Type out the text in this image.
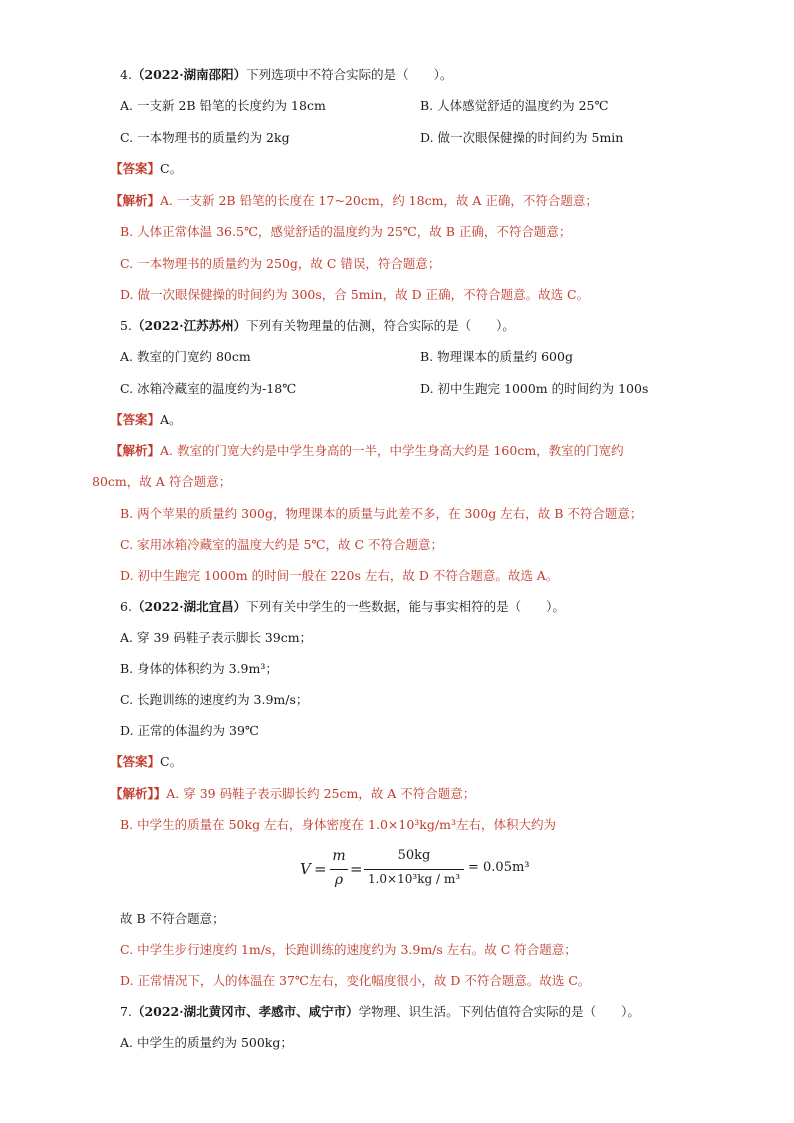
4.（2022·湖南邵阳）下列选项中不符合实际的是（　　）。
A. 一支新 2B 铅笔的长度约为 18cm	B. 人体感觉舒适的温度约为 25℃
C. 一本物理书的质量约为 2kg	D. 做一次眼保健操的时间约为 5min
【答案】C。
【解析】A. 一支新 2B 铅笔的长度在 17~20cm，约 18cm，故 A 正确，不符合题意；
B. 人体正常体温 36.5℃，感觉舒适的温度约为 25℃，故 B 正确，不符合题意；
C. 一本物理书的质量约为 250g，故 C 错误，符合题意；
D. 做一次眼保健操的时间约为 300s，合 5min，故 D 正确，不符合题意。故选 C。
5.（2022·江苏苏州）下列有关物理量的估测，符合实际的是（　　）。
A. 教室的门宽约 80cm	B. 物理课本的质量约 600g
C. 冰箱冷藏室的温度约为-18℃	D. 初中生跑完 1000m 的时间约为 100s
【答案】A。
【解析】A. 教室的门宽大约是中学生身高的一半，中学生身高大约是 160cm，教室的门宽约
80cm，故 A 符合题意；
B. 两个苹果的质量约 300g，物理课本的质量与此差不多，在 300g 左右，故 B 不符合题意；
C. 家用冰箱冷藏室的温度大约是 5℃，故 C 不符合题意；
D. 初中生跑完 1000m 的时间一般在 220s 左右，故 D 不符合题意。故选 A。
6.（2022·湖北宜昌）下列有关中学生的一些数据，能与事实相符的是（　　）。
A. 穿 39 码鞋子表示脚长 39cm；
B. 身体的体积约为 3.9m³；
C. 长跑训练的速度约为 3.9m/s；
D. 正常的体温约为 39℃
【答案】C。
【解析】】A. 穿 39 码鞋子表示脚长约 25cm，故 A 不符合题意；
B. 中学生的质量在 50kg 左右，身体密度在 1.0×10³kg/m³左右，体积大约为
V =
m
ρ
=
50kg
1.0×10³kg / m³
= 0.05m³
故 B 不符合题意；
C. 中学生步行速度约 1m/s，长跑训练的速度约为 3.9m/s 左右。故 C 符合题意；
D. 正常情况下，人的体温在 37℃左右，变化幅度很小，故 D 不符合题意。故选 C。
7.（2022·湖北黄冈市、孝感市、咸宁市）学物理、识生活。下列估值符合实际的是（　　）。
A. 中学生的质量约为 500kg；
